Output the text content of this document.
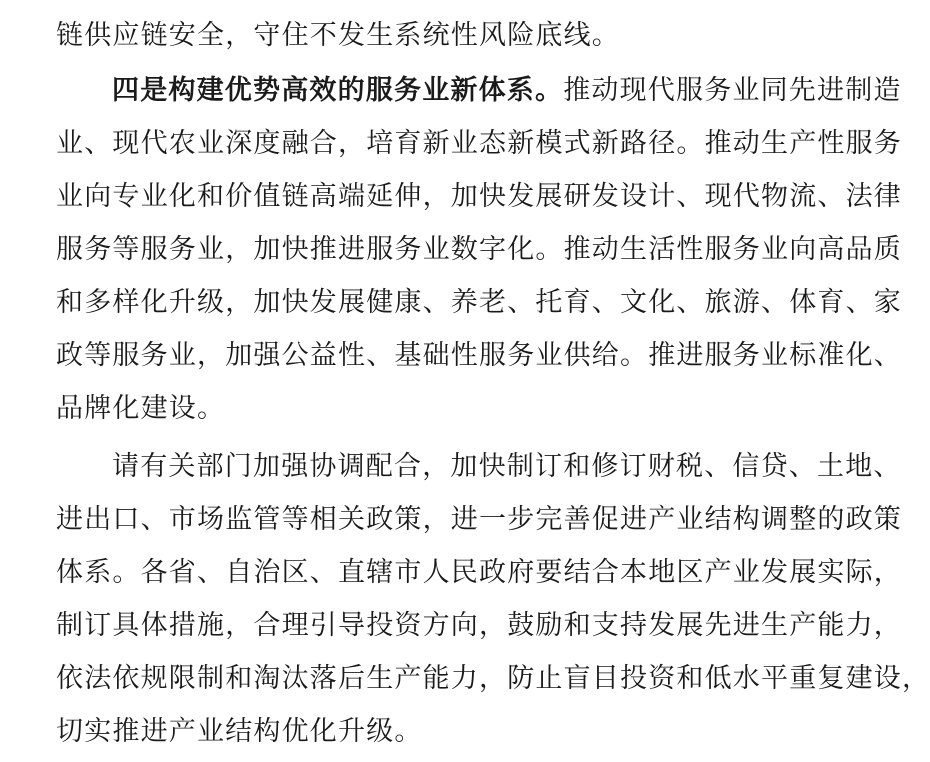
链供应链安全，守住不发生系统性风险底线。
四是构建优势高效的服务业新体系。推动现代服务业同先进制造
业、现代农业深度融合，培育新业态新模式新路径。推动生产性服务
业向专业化和价值链高端延伸，加快发展研发设计、现代物流、法律
服务等服务业，加快推进服务业数字化。推动生活性服务业向高品质
和多样化升级，加快发展健康、养老、托育、文化、旅游、体育、家
政等服务业，加强公益性、基础性服务业供给。推进服务业标准化、
品牌化建设。
请有关部门加强协调配合，加快制订和修订财税、信贷、土地、
进出口、市场监管等相关政策，进一步完善促进产业结构调整的政策
体系。各省、自治区、直辖市人民政府要结合本地区产业发展实际，
制订具体措施，合理引导投资方向，鼓励和支持发展先进生产能力，
依法依规限制和淘汰落后生产能力，防止盲目投资和低水平重复建设，
切实推进产业结构优化升级。
